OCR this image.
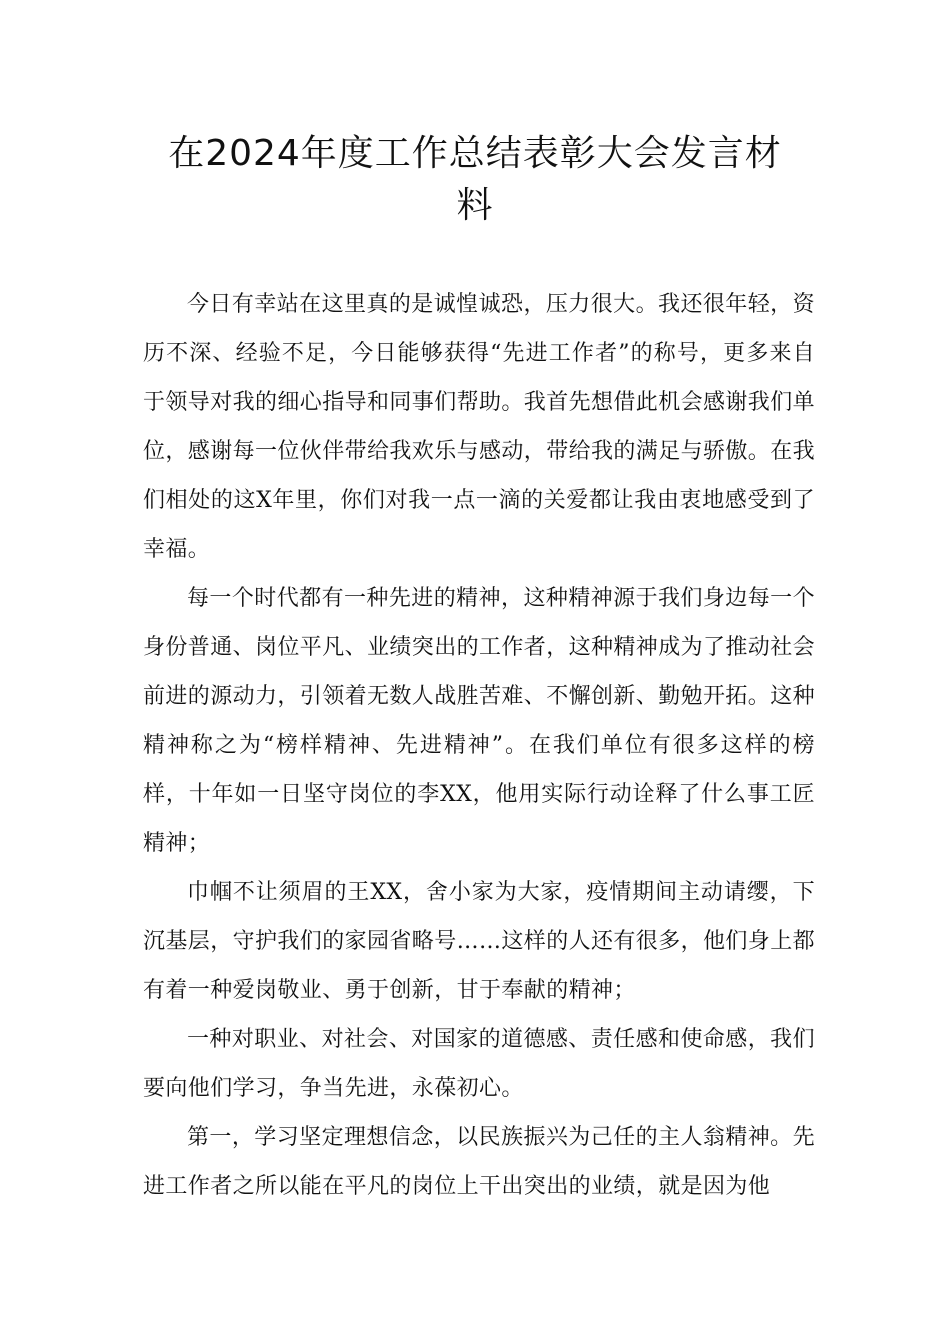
在2024年度工作总结表彰大会发言材料

今日有幸站在这里真的是诚惶诚恐，压力很大。我还很年轻，资历不深、经验不足，今日能够获得“先进工作者”的称号，更多来自于领导对我的细心指导和同事们帮助。我首先想借此机会感谢我们单位，感谢每一位伙伴带给我欢乐与感动，带给我的满足与骄傲。在我们相处的这X年里，你们对我一点一滴的关爱都让我由衷地感受到了幸福。

每一个时代都有一种先进的精神，这种精神源于我们身边每一个身份普通、岗位平凡、业绩突出的工作者，这种精神成为了推动社会前进的源动力，引领着无数人战胜苦难、不懈创新、勤勉开拓。这种精神称之为“榜样精神、先进精神”。在我们单位有很多这样的榜样，十年如一日坚守岗位的李XX，他用实际行动诠释了什么事工匠精神；

巾帼不让须眉的王XX，舍小家为大家，疫情期间主动请缨，下沉基层，守护我们的家园省略号……这样的人还有很多，他们身上都有着一种爱岗敬业、勇于创新，甘于奉献的精神；

一种对职业、对社会、对国家的道德感、责任感和使命感，我们要向他们学习，争当先进，永葆初心。

第一，学习坚定理想信念，以民族振兴为己任的主人翁精神。先进工作者之所以能在平凡的岗位上干出突出的业绩，就是因为他
